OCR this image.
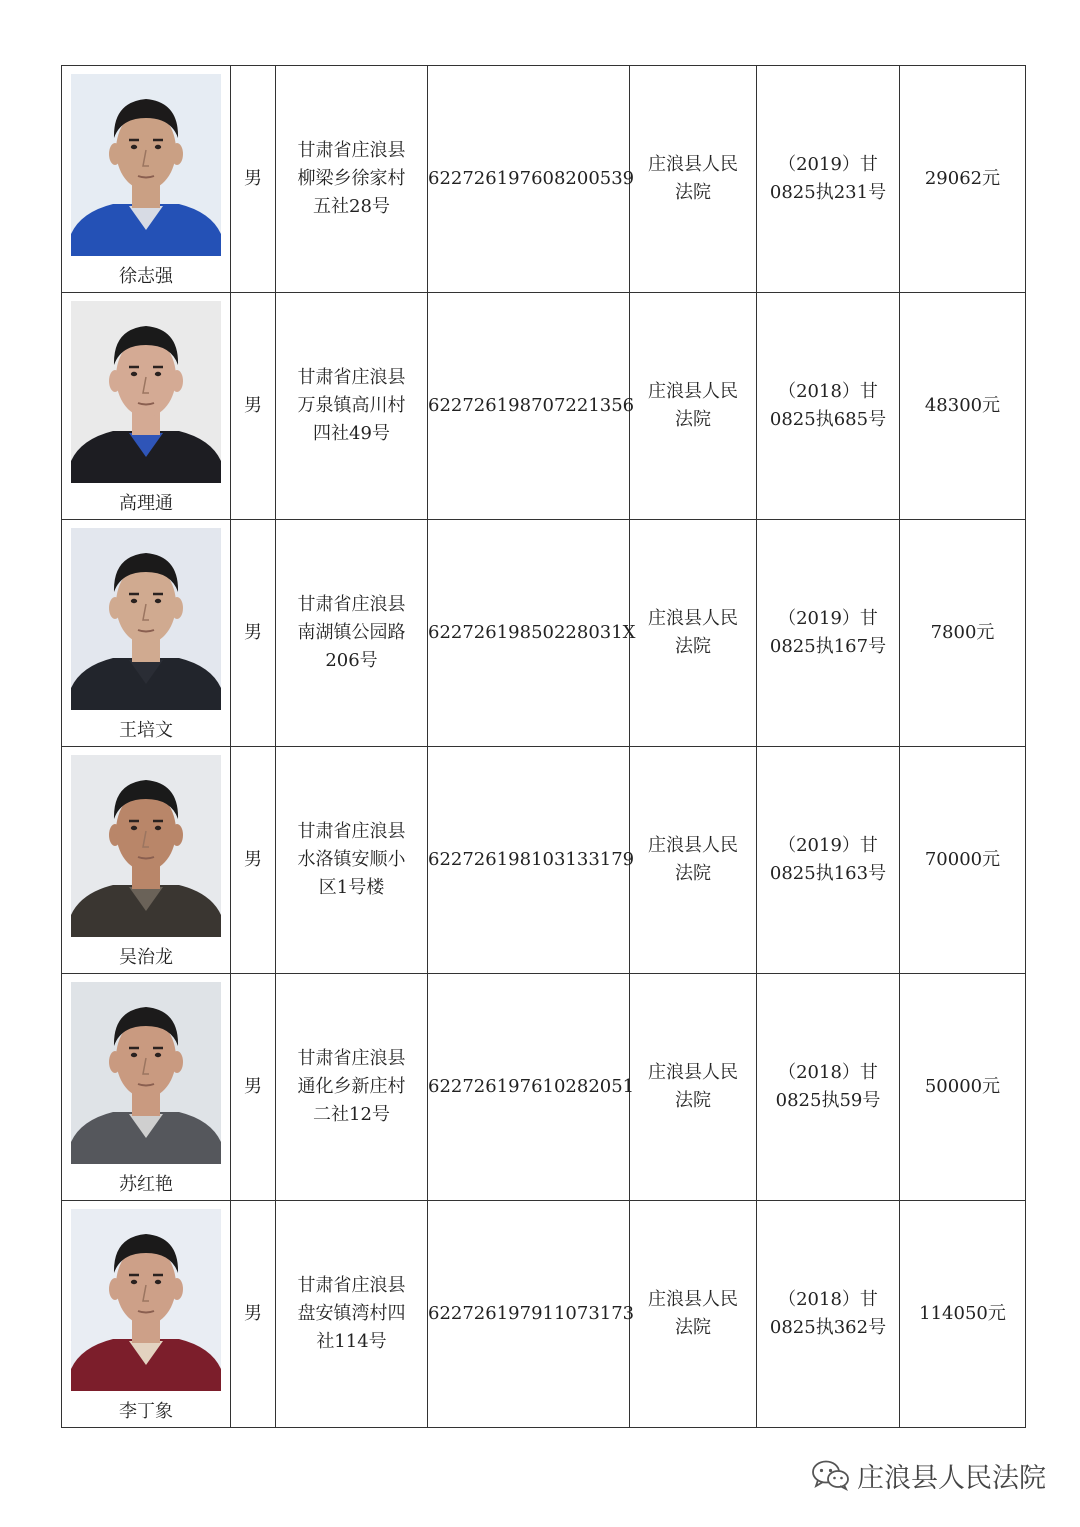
徐志强	男	甘肃省庄浪县柳梁乡徐家村五社28号	622726197608200539	庄浪县人民法院	（2019）甘0825执231号	29062元

高理通	男	甘肃省庄浪县万泉镇高川村四社49号	622726198707221356	庄浪县人民法院	（2018）甘0825执685号	48300元

王培文	男	甘肃省庄浪县南湖镇公园路206号	62272619850228031X	庄浪县人民法院	（2019）甘0825执167号	7800元

吴治龙	男	甘肃省庄浪县水洛镇安顺小区1号楼	622726198103133179	庄浪县人民法院	（2019）甘0825执163号	70000元

苏红艳	男	甘肃省庄浪县通化乡新庄村二社12号	622726197610282051	庄浪县人民法院	（2018）甘0825执59号	50000元

李丁象	男	甘肃省庄浪县盘安镇湾村四社114号	622726197911073173	庄浪县人民法院	（2018）甘0825执362号	114050元
庄浪县人民法院
